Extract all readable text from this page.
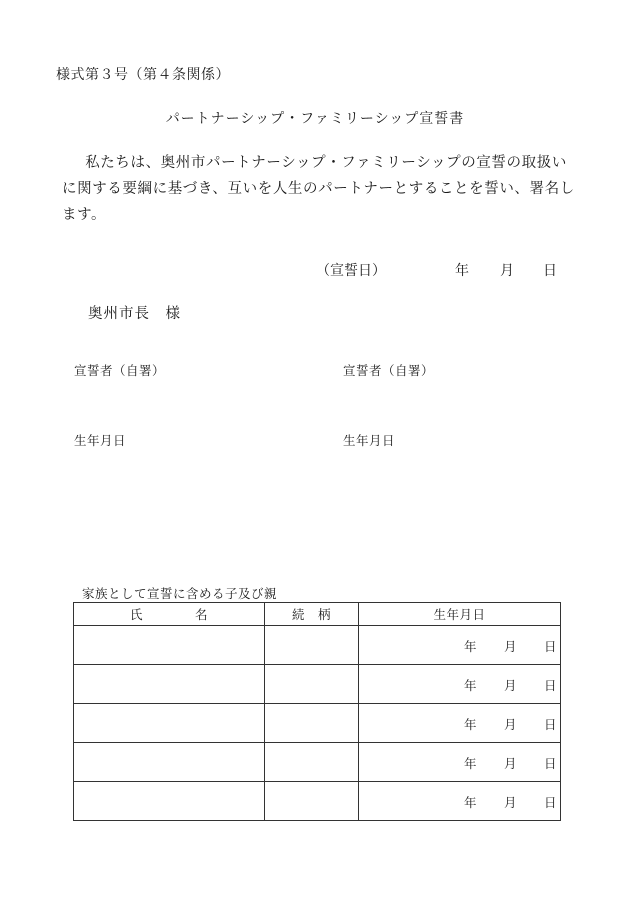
様式第３号（第４条関係）
パートナーシップ・ファミリーシップ宣誓書
私たちは、奥州市パートナーシップ・ファミリーシップの宣誓の取扱いに関する要綱に基づき、互いを人生のパートナーとすることを誓い、署名します。
（宣誓日）	年 月 日
奥州市長　様
宣誓者（自署）	宣誓者（自署）
生年月日	生年月日
家族として宣誓に含める子及び親
氏 名	続　柄	生年月日

		年 月 日

		年 月 日

		年 月 日

		年 月 日

		年 月 日
